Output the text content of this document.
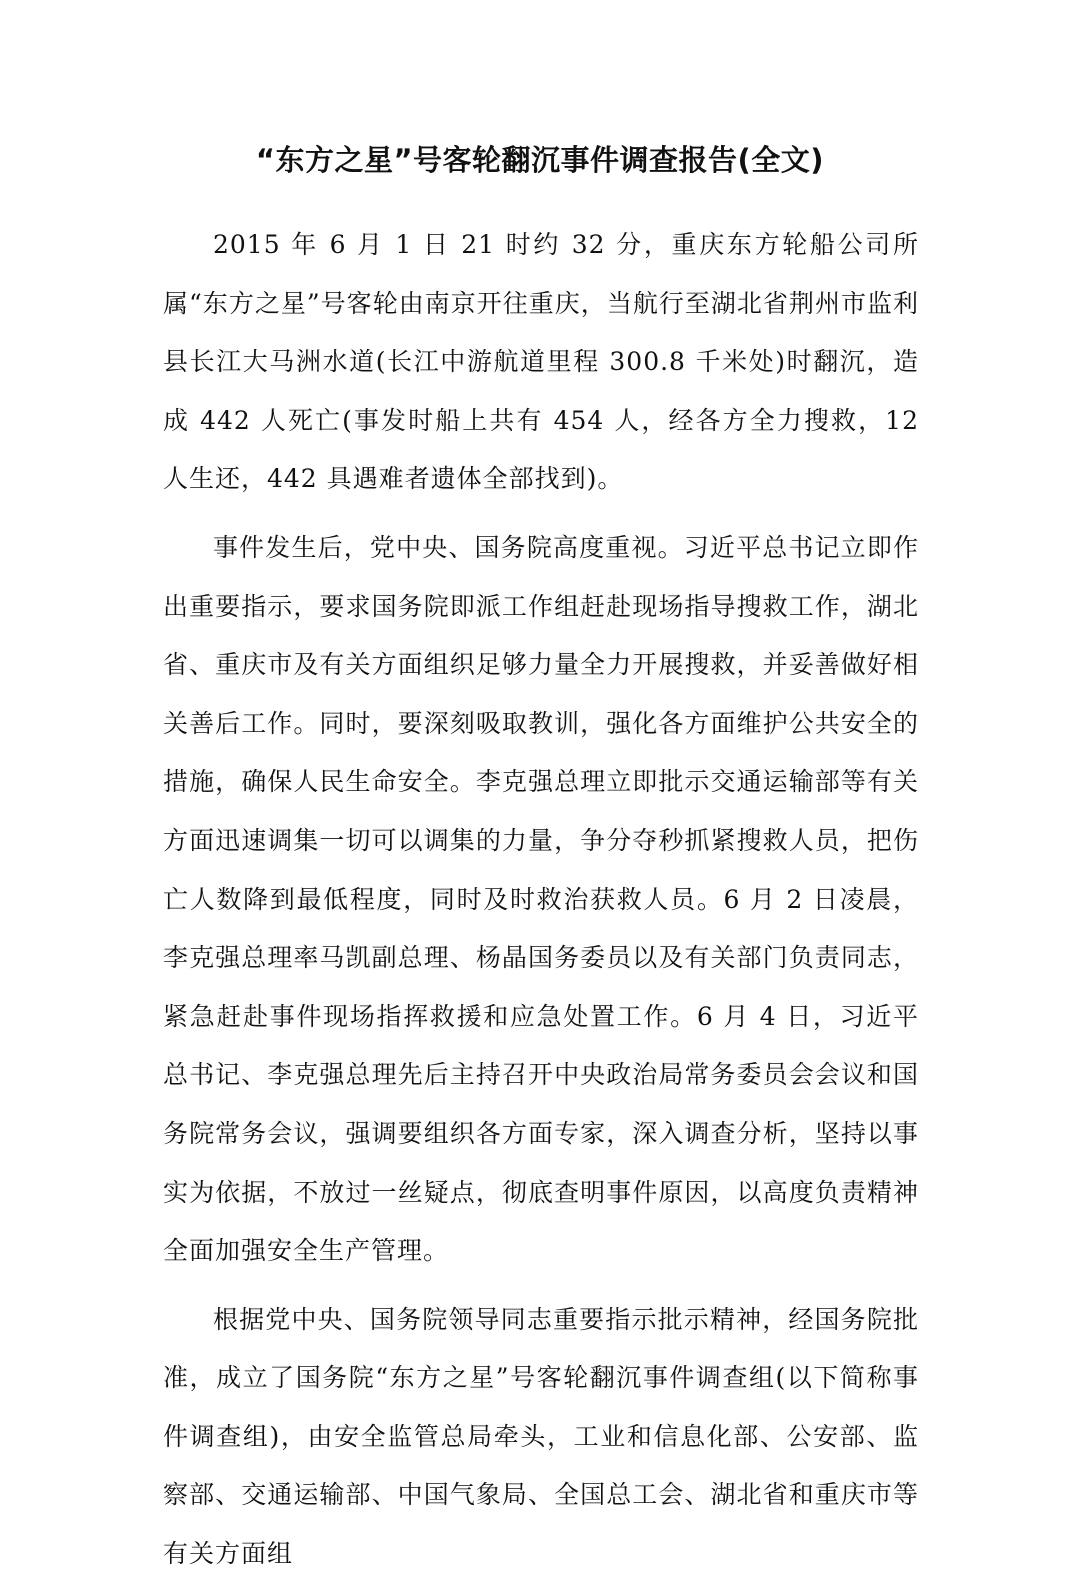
“东方之星”号客轮翻沉事件调查报告(全文)

2015 年 6 月 1 日 21 时约 32 分，重庆东方轮船公司所属“东方之星”号客轮由南京开往重庆，当航行至湖北省荆州市监利县长江大马洲水道(长江中游航道里程 300.8 千米处)时翻沉，造成 442 人死亡(事发时船上共有 454 人，经各方全力搜救，12 人生还，442 具遇难者遗体全部找到)。

事件发生后，党中央、国务院高度重视。习近平总书记立即作出重要指示，要求国务院即派工作组赶赴现场指导搜救工作，湖北省、重庆市及有关方面组织足够力量全力开展搜救，并妥善做好相关善后工作。同时，要深刻吸取教训，强化各方面维护公共安全的措施，确保人民生命安全。李克强总理立即批示交通运输部等有关方面迅速调集一切可以调集的力量，争分夺秒抓紧搜救人员，把伤亡人数降到最低程度，同时及时救治获救人员。6 月 2 日凌晨，李克强总理率马凯副总理、杨晶国务委员以及有关部门负责同志，紧急赶赴事件现场指挥救援和应急处置工作。6 月 4 日，习近平总书记、李克强总理先后主持召开中央政治局常务委员会会议和国务院常务会议，强调要组织各方面专家，深入调查分析，坚持以事实为依据，不放过一丝疑点，彻底查明事件原因，以高度负责精神全面加强安全生产管理。

根据党中央、国务院领导同志重要指示批示精神，经国务院批准，成立了国务院“东方之星”号客轮翻沉事件调查组(以下简称事件调查组)，由安全监管总局牵头，工业和信息化部、公安部、监察部、交通运输部、中国气象局、全国总工会、湖北省和重庆市等有关方面组
